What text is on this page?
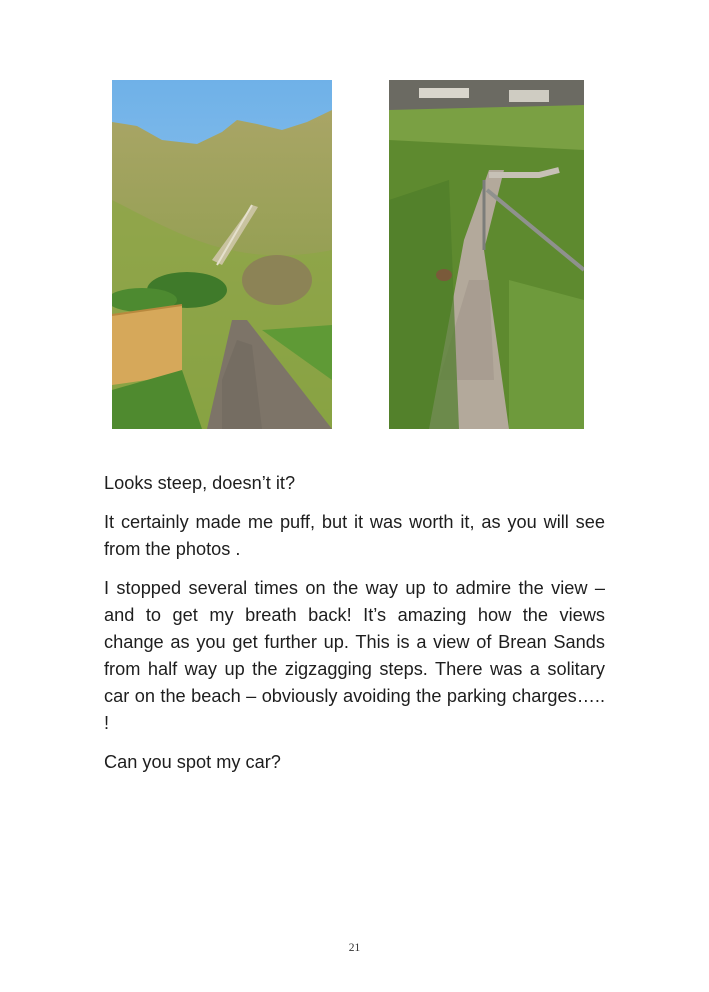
Looks steep, doesn’t it?

It certainly made me puff, but it was worth it, as you will see from the photos .

I stopped several times on the way up to admire the view – and to get my breath back! It’s amazing how the views change as you get further up. This is a view of Brean Sands from half way up the zigzagging steps. There was a solitary car on the beach – obviously avoiding the parking charges….. !

Can you spot my car?

21
